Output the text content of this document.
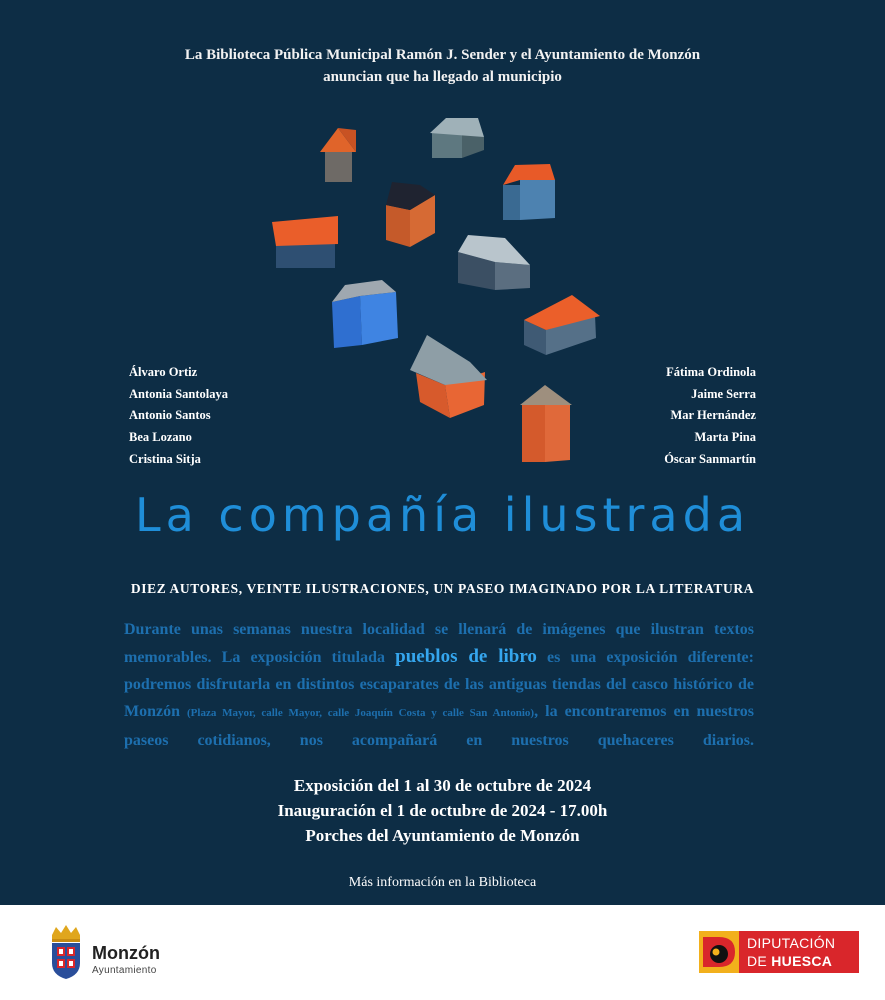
La Biblioteca Pública Municipal Ramón J. Sender y el Ayuntamiento de Monzón
anuncian que ha llegado al municipio
Álvaro Ortiz
Antonia Santolaya
Antonio Santos
Bea Lozano
Cristina Sitja
Fátima Ordinola
Jaime Serra
Mar Hernández
Marta Pina
Óscar Sanmartín
La compañía ilustrada
DIEZ AUTORES, VEINTE ILUSTRACIONES, UN PASEO IMAGINADO POR LA LITERATURA
Durante unas semanas nuestra localidad se llenará de imágenes que ilustran textos memorables. La exposición titulada pueblos de libro es una exposición diferente: podremos disfrutarla en distintos escaparates de las antiguas tiendas del casco histórico de Monzón (Plaza Mayor, calle Mayor, calle Joaquín Costa y calle San Antonio), la encontraremos en nuestros paseos cotidianos, nos acompañará en nuestros quehaceres diarios.
Exposición del 1 al 30 de octubre de 2024
Inauguración el 1 de octubre de 2024 - 17.00h
Porches del Ayuntamiento de Monzón
Más información en la Biblioteca
Monzón
Ayuntamiento
DIPUTACIÓN
DE HUESCA
